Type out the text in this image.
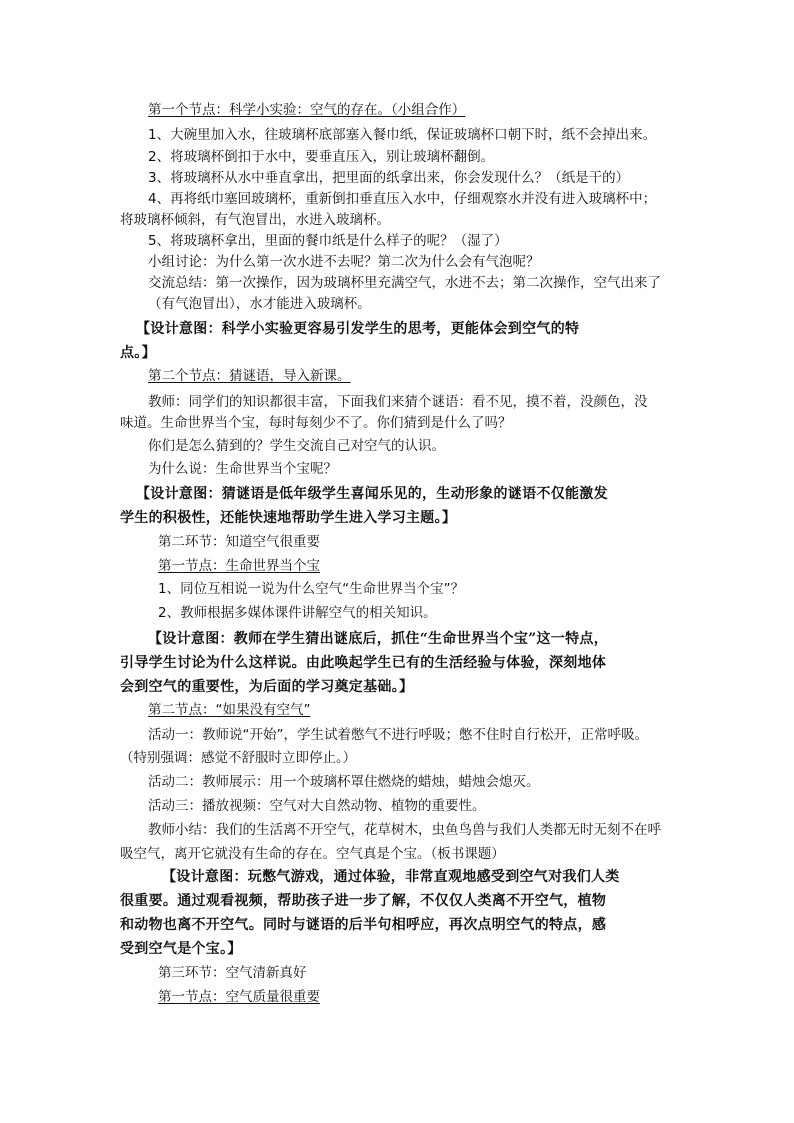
第一个节点：科学小实验：空气的存在。（小组合作）
1、大碗里加入水，往玻璃杯底部塞入餐巾纸，保证玻璃杯口朝下时，纸不会掉出来。
2、将玻璃杯倒扣于水中，要垂直压入，别让玻璃杯翻倒。
3、将玻璃杯从水中垂直拿出，把里面的纸拿出来，你会发现什么？（纸是干的）
4、再将纸巾塞回玻璃杯，重新倒扣垂直压入水中，仔细观察水并没有进入玻璃杯中；
将玻璃杯倾斜，有气泡冒出，水进入玻璃杯。
5、将玻璃杯拿出，里面的餐巾纸是什么样子的呢？（湿了）
小组讨论：为什么第一次水进不去呢？第二次为什么会有气泡呢？
交流总结：第一次操作，因为玻璃杯里充满空气，水进不去；第二次操作，空气出来了
（有气泡冒出），水才能进入玻璃杯。
【设计意图：科学小实验更容易引发学生的思考，更能体会到空气的特
点。】
第二个节点：猜谜语，导入新课。
教师：同学们的知识都很丰富，下面我们来猜个谜语：看不见，摸不着，没颜色，没
味道。生命世界当个宝，每时每刻少不了。你们猜到是什么了吗？
你们是怎么猜到的？学生交流自己对空气的认识。
为什么说：生命世界当个宝呢？
【设计意图：猜谜语是低年级学生喜闻乐见的，生动形象的谜语不仅能激发
学生的积极性，还能快速地帮助学生进入学习主题。】
第二环节：知道空气很重要
第一节点：生命世界当个宝
1、同位互相说一说为什么空气“生命世界当个宝”？
2、教师根据多媒体课件讲解空气的相关知识。
【设计意图：教师在学生猜出谜底后，抓住“生命世界当个宝”这一特点，
引导学生讨论为什么这样说。由此唤起学生已有的生活经验与体验，深刻地体
会到空气的重要性，为后面的学习奠定基础。】
第二节点：“如果没有空气”
活动一：教师说“开始”，学生试着憋气不进行呼吸；憋不住时自行松开，正常呼吸。
（特别强调：感觉不舒服时立即停止。）
活动二：教师展示：用一个玻璃杯罩住燃烧的蜡烛，蜡烛会熄灭。
活动三：播放视频：空气对大自然动物、植物的重要性。
教师小结：我们的生活离不开空气，花草树木，虫鱼鸟兽与我们人类都无时无刻不在呼
吸空气，离开它就没有生命的存在。空气真是个宝。（板书课题）
【设计意图：玩憋气游戏，通过体验，非常直观地感受到空气对我们人类
很重要。通过观看视频，帮助孩子进一步了解，不仅仅人类离不开空气，植物
和动物也离不开空气。同时与谜语的后半句相呼应，再次点明空气的特点，感
受到空气是个宝。】
第三环节：空气清新真好
第一节点：空气质量很重要
